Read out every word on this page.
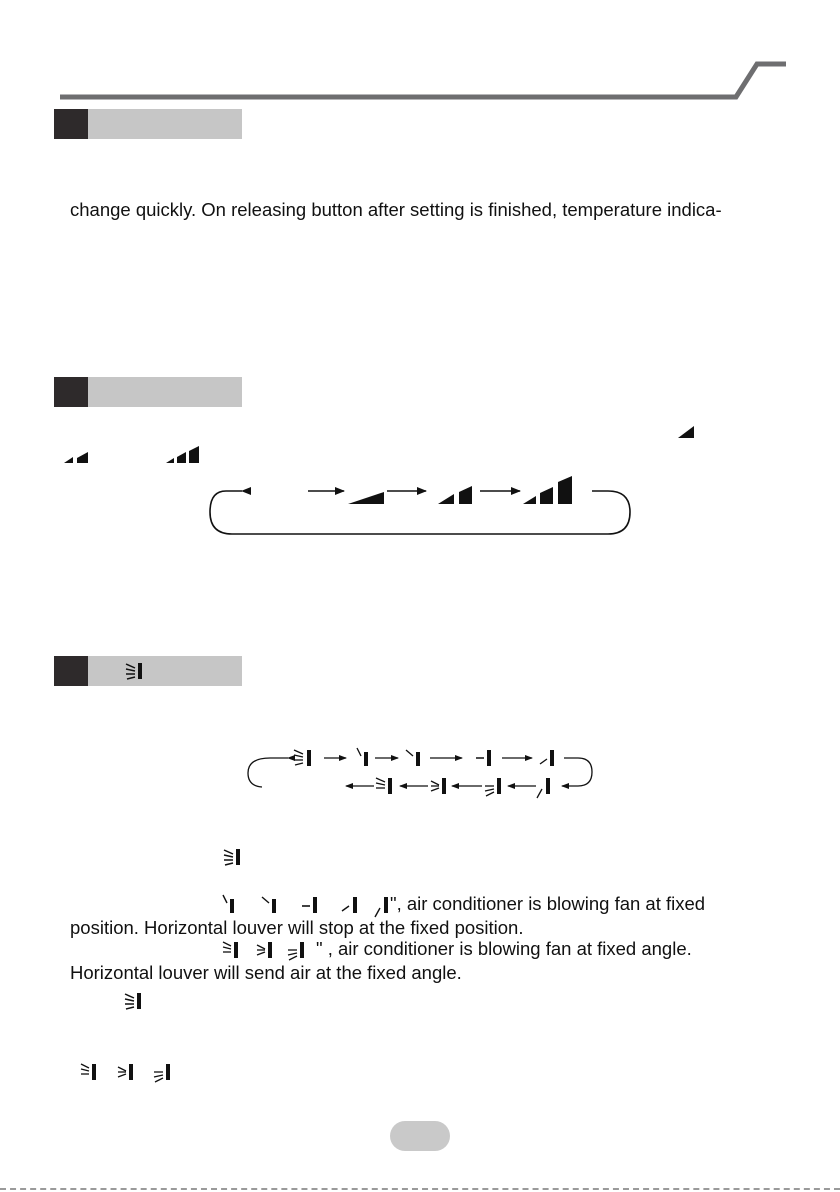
change quickly. On releasing button after setting is finished, temperature indica-
", air conditioner is blowing fan at fixed
position. Horizontal louver will stop at the fixed position.
" , air conditioner is blowing fan at fixed angle.
Horizontal louver will send air at the fixed angle.
